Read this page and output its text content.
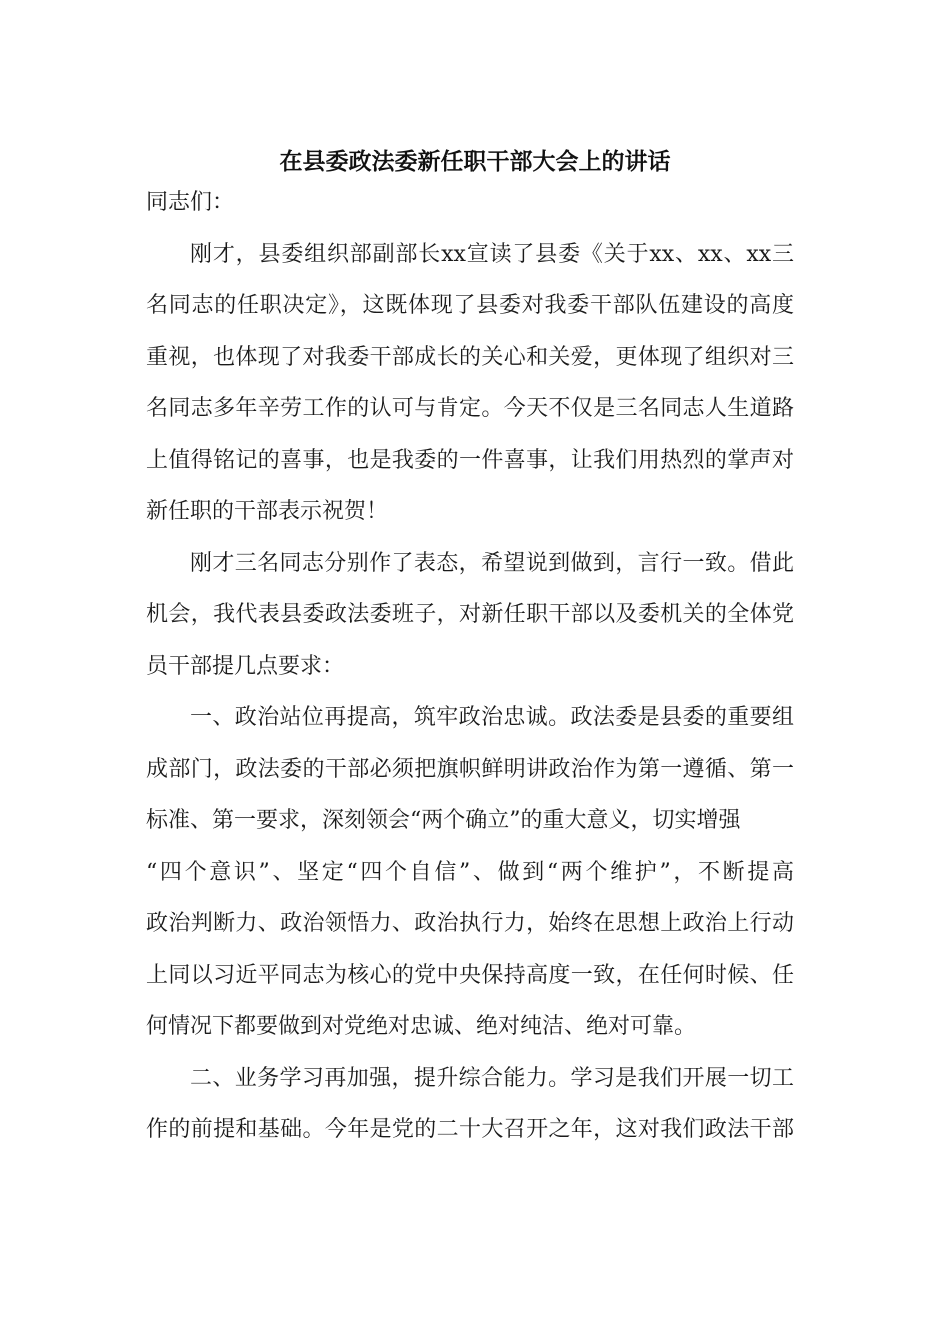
在县委政法委新任职干部大会上的讲话
同志们：
刚才，县委组织部副部长xx宣读了县委《关于xx、xx、xx三
名同志的任职决定》，这既体现了县委对我委干部队伍建设的高度
重视，也体现了对我委干部成长的关心和关爱，更体现了组织对三
名同志多年辛劳工作的认可与肯定。今天不仅是三名同志人生道路
上值得铭记的喜事，也是我委的一件喜事，让我们用热烈的掌声对
新任职的干部表示祝贺！
刚才三名同志分别作了表态，希望说到做到，言行一致。借此
机会，我代表县委政法委班子，对新任职干部以及委机关的全体党
员干部提几点要求：
一、政治站位再提高，筑牢政治忠诚。政法委是县委的重要组
成部门，政法委的干部必须把旗帜鲜明讲政治作为第一遵循、第一
标准、第一要求，深刻领会“两个确立”的重大意义，切实增强
“四个意识”、坚定“四个自信”、做到“两个维护”，不断提高
政治判断力、政治领悟力、政治执行力，始终在思想上政治上行动
上同以习近平同志为核心的党中央保持高度一致，在任何时候、任
何情况下都要做到对党绝对忠诚、绝对纯洁、绝对可靠。
二、业务学习再加强，提升综合能力。学习是我们开展一切工
作的前提和基础。今年是党的二十大召开之年，这对我们政法干部
